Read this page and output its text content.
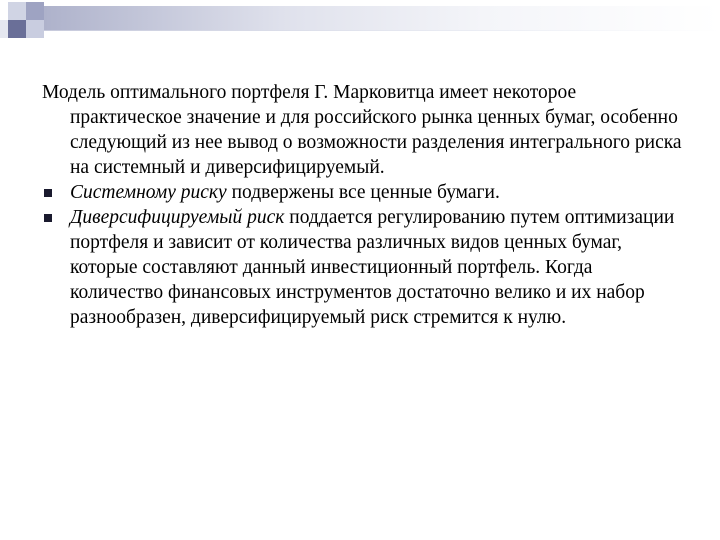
Модель оптимального портфеля Г. Марковитца имеет некоторое практическое значение и для российского рынка ценных бумаг, особенно следующий из нее вывод о возможности разделения интегрального риска на системный и диверсифицируемый.

Системному риску подвержены все ценные бумаги.

Диверсифицируемый риск поддается регулированию путем оптимизации портфеля и зависит от количества различных видов ценных бумаг, которые составляют данный инвестиционный портфель. Когда количество финансовых инструментов достаточно велико и их набор разнообразен, диверсифицируемый риск стремится к нулю.
